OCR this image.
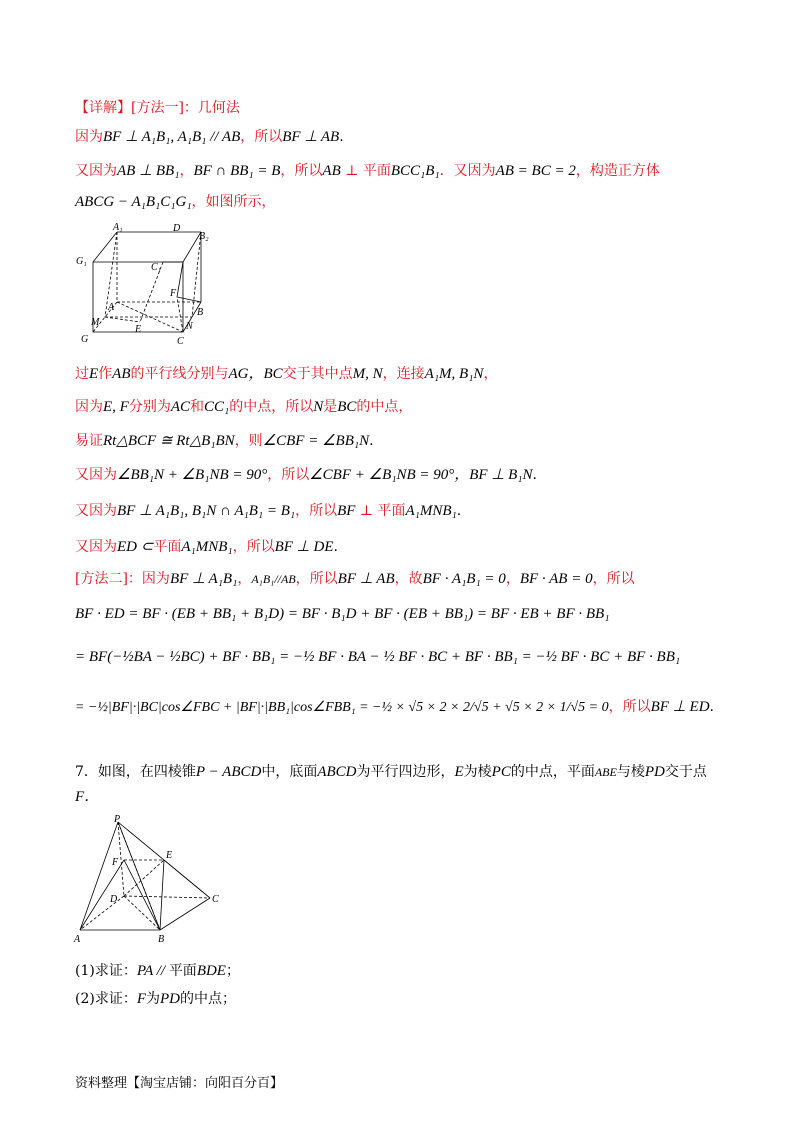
【详解】[方法一]：几何法
因为BF ⊥ A₁B₁, A₁B₁ // AB，所以BF ⊥ AB.
又因为AB ⊥ BB₁，BF ∩ BB₁ = B，所以AB ⊥ 平面BCC₁B₁．又因为AB = BC = 2，构造正方体
ABCG − A₁B₁C₁G₁，如图所示，
A₁	D
B₂
G₁
C₁
F
A	B
M
E	N
G	C
过E作AB的平行线分别与AG，BC交于其中点M, N，连接A₁M, B₁N，
因为E, F分别为AC和CC₁的中点，所以N是BC的中点，
易证Rt△BCF ≅ Rt△B₁BN，则∠CBF = ∠BB₁N.
又因为∠BB₁N + ∠B₁NB = 90°，所以∠CBF + ∠B₁NB = 90°，BF ⊥ B₁N.
又因为BF ⊥ A₁B₁, B₁N ∩ A₁B₁ = B₁，所以BF ⊥ 平面A₁MNB₁.
又因为ED ⊂平面A₁MNB₁，所以BF ⊥ DE.
[方法二]：因为BF ⊥ A₁B₁，A₁B₁//AB，所以BF ⊥ AB，故BF · A₁B₁ = 0，BF · AB = 0，所以
BF · ED = BF · (EB + BB₁ + B₁D) = BF · B₁D + BF · (EB + BB₁) = BF · EB + BF · BB₁
= BF(−½BA − ½BC) + BF · BB₁ = −½ BF · BA − ½ BF · BC + BF · BB₁ = −½ BF · BC + BF · BB₁
= −½|BF|·|BC|cos∠FBC + |BF|·|BB₁|cos∠FBB₁ = −½ × √5 × 2 × 2/√5 + √5 × 2 × 1/√5 = 0，所以BF ⊥ ED.
7．如图，在四棱锥P − ABCD中，底面ABCD为平行四边形，E为棱PC的中点，平面ABE与棱PD交于点
F．
P
F
E
D	C
A	B
(1)求证：PA // 平面BDE；
(2)求证：F为PD的中点；
资料整理【淘宝店铺：向阳百分百】
